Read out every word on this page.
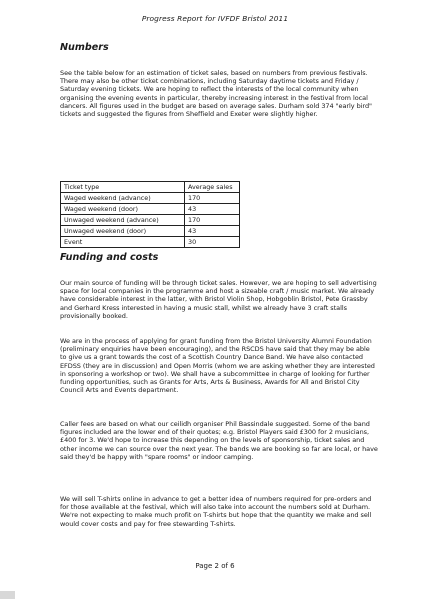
Progress Report for IVFDF Bristol 2011
Numbers

See the table below for an estimation of ticket sales, based on numbers from previous festivals. There may also be other ticket combinations, including Saturday daytime tickets and Friday / Saturday evening tickets. We are hoping to reflect the interests of the local community when organising the evening events in particular, thereby increasing interest in the festival from local dancers. All figures used in the budget are based on average sales. Durham sold 374 "early bird" tickets and suggested the figures from Sheffield and Exeter were slightly higher.

Ticket type	Average sales
Waged weekend (advance)	170
Waged weekend (door)	43
Unwaged weekend (advance)	170
Unwaged weekend (door)	43
Event	30
Funding and costs

Our main source of funding will be through ticket sales. However, we are hoping to sell advertising space for local companies in the programme and host a sizeable craft / music market. We already have considerable interest in the latter, with Bristol Violin Shop, Hobgoblin Bristol, Pete Grassby and Gerhard Kress interested in having a music stall, whilst we already have 3 craft stalls provisionally booked.

We are in the process of applying for grant funding from the Bristol University Alumni Foundation (preliminary enquiries have been encouraging), and the RSCDS have said that they may be able to give us a grant towards the cost of a Scottish Country Dance Band. We have also contacted EFDSS (they are in discussion) and Open Morris (whom we are asking whether they are interested in sponsoring a workshop or two). We shall have a subcommittee in charge of looking for further funding opportunities, such as Grants for Arts, Arts & Business, Awards for All and Bristol City Council Arts and Events department.

Caller fees are based on what our ceilidh organiser Phil Bassindale suggested. Some of the band figures included are the lower end of their quotes; e.g. Bristol Players said £300 for 2 musicians, £400 for 3. We'd hope to increase this depending on the levels of sponsorship, ticket sales and other income we can source over the next year. The bands we are booking so far are local, or have said they'd be happy with "spare rooms" or indoor camping.

We will sell T-shirts online in advance to get a better idea of numbers required for pre-orders and for those available at the festival, which will also take into account the numbers sold at Durham. We're not expecting to make much profit on T-shirts but hope that the quantity we make and sell would cover costs and pay for free stewarding T-shirts.

Page 2 of 6
